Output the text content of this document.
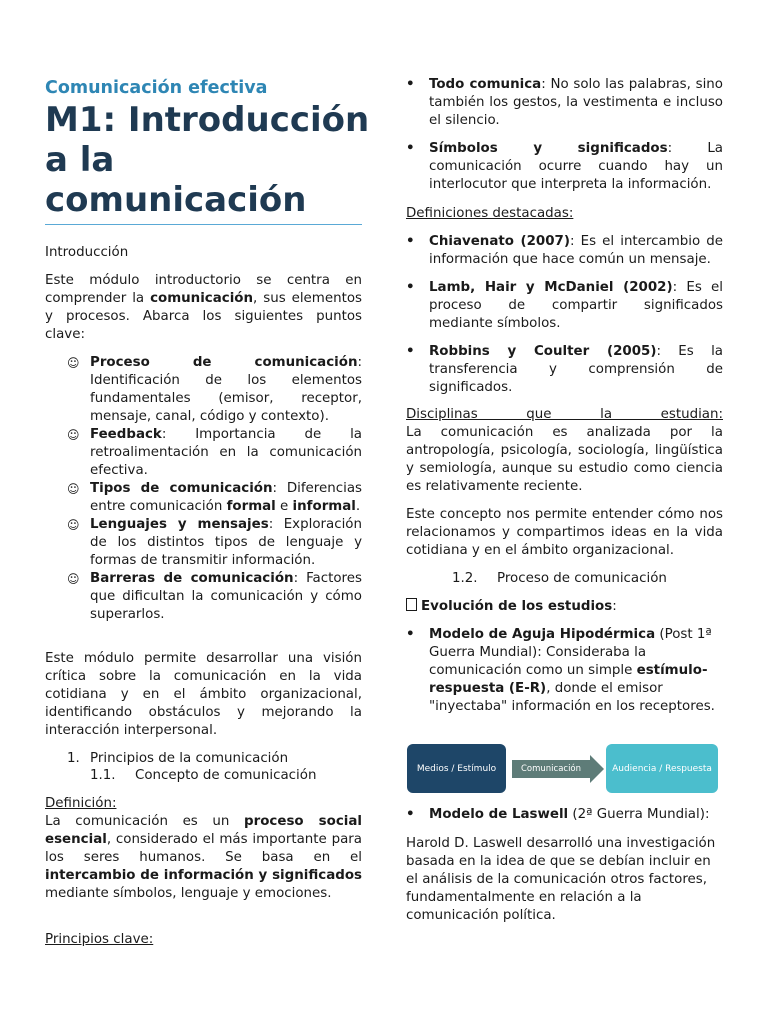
Comunicación efectiva
M1: Introducción a la comunicación

Introducción

Este módulo introductorio se centra en comprender la comunicación, sus elementos y procesos. Abarca los siguientes puntos clave:

☺ Proceso de comunicación: Identificación de los elementos fundamentales (emisor, receptor, mensaje, canal, código y contexto).
☺ Feedback: Importancia de la retroalimentación en la comunicación efectiva.
☺ Tipos de comunicación: Diferencias entre comunicación formal e informal.
☺ Lenguajes y mensajes: Exploración de los distintos tipos de lenguaje y formas de transmitir información.
☺ Barreras de comunicación: Factores que dificultan la comunicación y cómo superarlos.

Este módulo permite desarrollar una visión crítica sobre la comunicación en la vida cotidiana y en el ámbito organizacional, identificando obstáculos y mejorando la interacción interpersonal.

1. Principios de la comunicación
1.1. Concepto de comunicación

Definición:

La comunicación es un proceso social esencial, considerado el más importante para los seres humanos. Se basa en el intercambio de información y significados mediante símbolos, lenguaje y emociones.

Principios clave:

• Todo comunica: No solo las palabras, sino también los gestos, la vestimenta e incluso el silencio.
• Símbolos y significados: La comunicación ocurre cuando hay un interlocutor que interpreta la información.

Definiciones destacadas:

• Chiavenato (2007): Es el intercambio de información que hace común un mensaje.
• Lamb, Hair y McDaniel (2002): Es el proceso de compartir significados mediante símbolos.
• Robbins y Coulter (2005): Es la transferencia y comprensión de significados.

Disciplinas que la estudian:

La comunicación es analizada por la antropología, psicología, sociología, lingüística y semiología, aunque su estudio como ciencia es relativamente reciente.

Este concepto nos permite entender cómo nos relacionamos y compartimos ideas en la vida cotidiana y en el ámbito organizacional.

1.2. Proceso de comunicación

Evolución de los estudios:

• Modelo de Aguja Hipodérmica (Post 1ª Guerra Mundial): Consideraba la comunicación como un simple estímulo-respuesta (E-R), donde el emisor "inyectaba" información en los receptores.
Medios / Estímulo	Comunicación	Audiencia / Respuesta
• Modelo de Laswell (2ª Guerra Mundial):

Harold D. Laswell desarrolló una investigación basada en la idea de que se debían incluir en el análisis de la comunicación otros factores, fundamentalmente en relación a la comunicación política.
